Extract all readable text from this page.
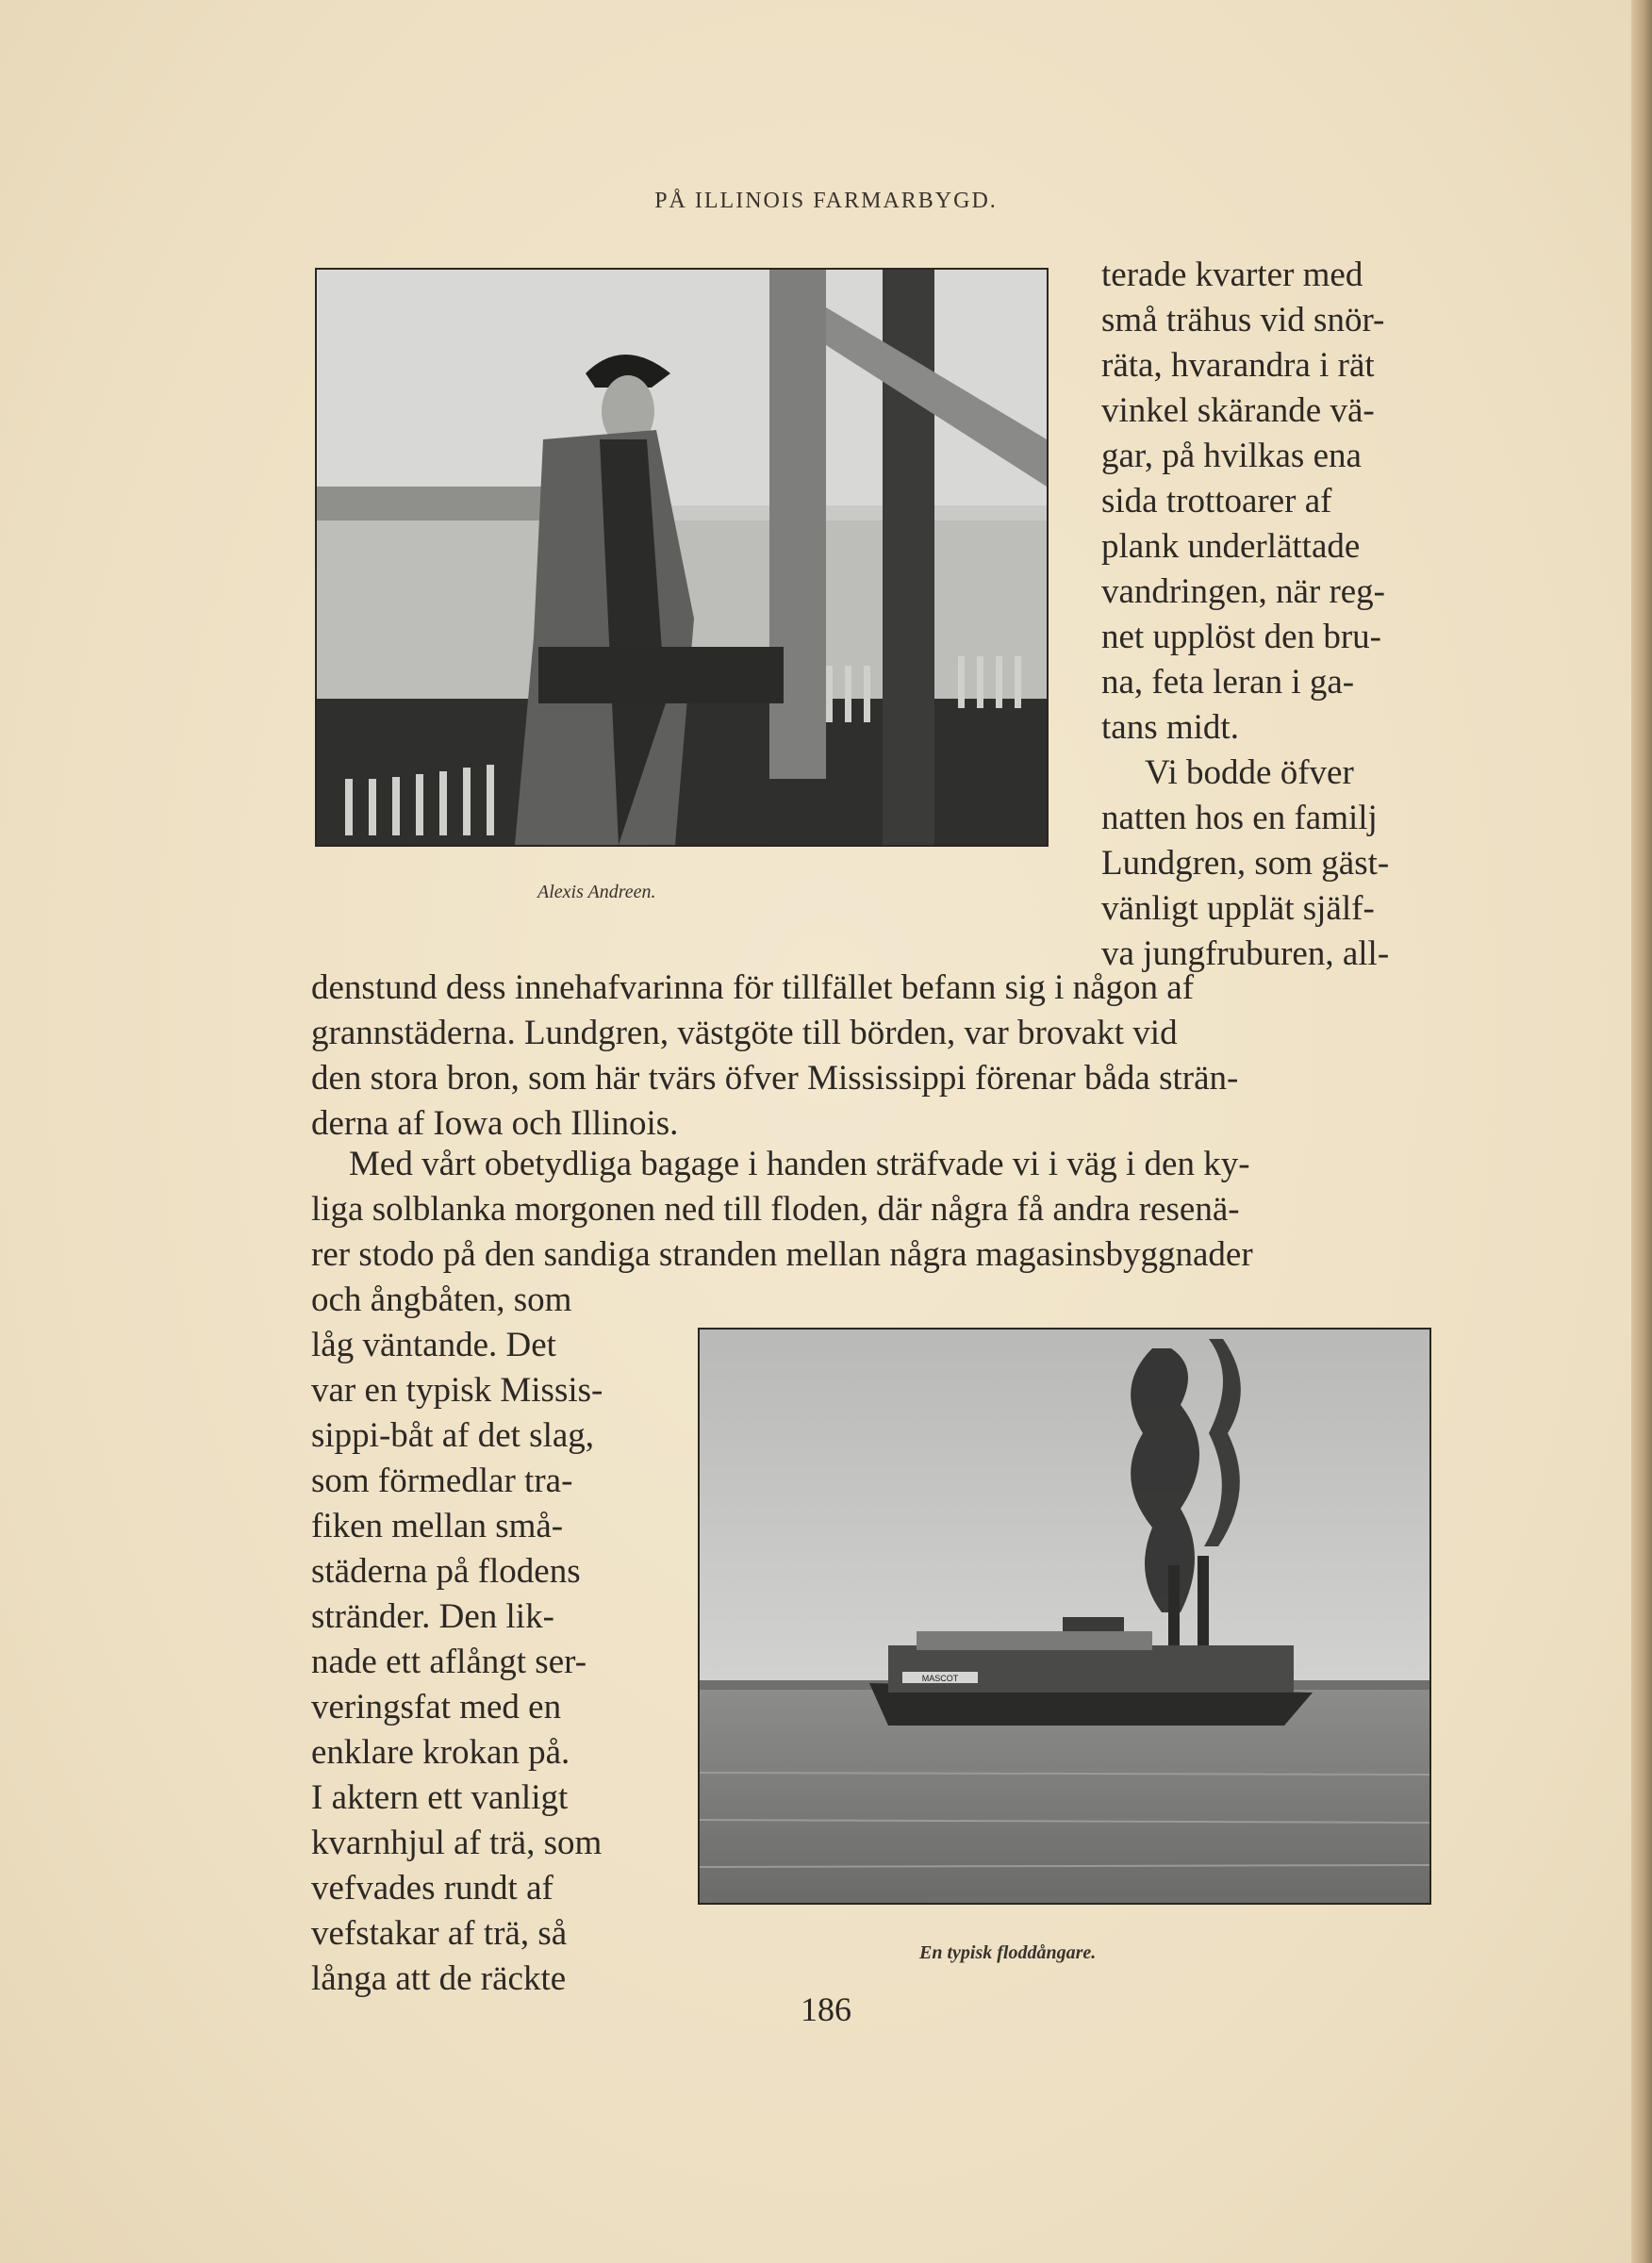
PÅ ILLINOIS FARMARBYGD.
Alexis Andreen.
MASCOT
En typisk floddångare.
terade kvarter med
små trähus vid snör-
räta, hvarandra i rät
vinkel skärande vä-
gar, på hvilkas ena
sida trottoarer af
plank underlättade
vandringen, när reg-
net upplöst den bru-
na, feta leran i ga-
tans midt.
Vi bodde öfver
natten hos en familj
Lundgren, som gäst-
vänligt upplät själf-
va jungfruburen, all-
denstund dess innehafvarinna för tillfället befann sig i någon af
grannstäderna. Lundgren, västgöte till börden, var brovakt vid
den stora bron, som här tvärs öfver Mississippi förenar båda strän-
derna af Iowa och Illinois.
Med vårt obetydliga bagage i handen sträfvade vi i väg i den ky-
liga solblanka morgonen ned till floden, där några få andra resenä-
rer stodo på den sandiga stranden mellan några magasinsbyggnader
och ångbåten, som
låg väntande. Det
var en typisk Missis-
sippi-båt af det slag,
som förmedlar tra-
fiken mellan små-
städerna på flodens
stränder. Den lik-
nade ett aflångt ser-
veringsfat med en
enklare krokan på.
I aktern ett vanligt
kvarnhjul af trä, som
vefvades rundt af
vefstakar af trä, så
långa att de räckte
186
